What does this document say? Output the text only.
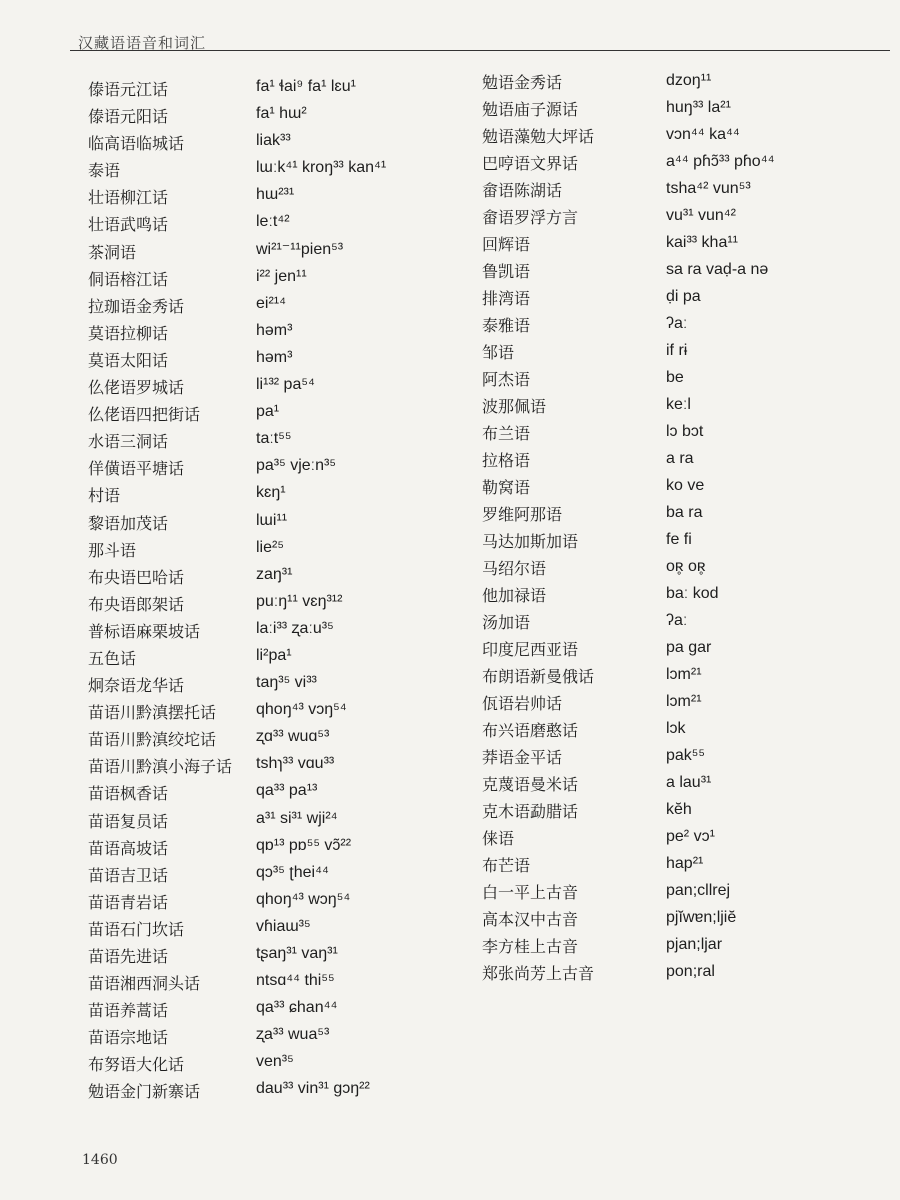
汉藏语语音和词汇
傣语元江话	fa¹ ɬai⁹ fa¹ lɛu¹
傣语元阳话	fa¹ hɯ²
临高语临城话	liak³³
泰语	lɯːk⁴¹ kroŋ³³ kan⁴¹
壮语柳江话	hɯ²³¹
壮语武鸣话	leːt⁴²
茶洞语	wi²¹⁻¹¹pien⁵³
侗语榕江话	i²² jen¹¹
拉珈语金秀话	ei²¹⁴
莫语拉柳话	həm³
莫语太阳话	həm³
仫佬语罗城话	li¹³² pa⁵⁴
仫佬语四把街话	pa¹
水语三洞话	taːt⁵⁵
佯僙语平塘话	pa³⁵ vjeːn³⁵
村语	kɛŋ¹
黎语加茂话	lɯi¹¹
那斗语	lie²⁵
布央语巴哈话	zaŋ³¹
布央语郎架话	puːŋ¹¹ vɛŋ³¹²
普标语麻栗坡话	laːi³³ ʐaːu³⁵
五色话	li²pa¹
炯奈语龙华话	taŋ³⁵ vi³³
苗语川黔滇摆托话 qhoŋ⁴³ vɔŋ⁵⁴
苗语川黔滇绞坨话 ʐɑ³³ wuɑ⁵³
苗语川黔滇小海子话 tshɿ³³ vɑu³³
苗语枫香话	qa³³ pa¹³
苗语复员话	a³¹ si³¹ wji²⁴
苗语高坡话	qɒ¹³ pɒ⁵⁵ vɔ̃²²
苗语吉卫话	qɔ³⁵ ʈhei⁴⁴
苗语青岩话	qhoŋ⁴³ wɔŋ⁵⁴
苗语石门坎话	vɦiaɯ³⁵
苗语先进话	tʂaŋ³¹ vaŋ³¹
苗语湘西洞头话	ntsɑ⁴⁴ thi⁵⁵
苗语养蒿话	qa³³ ɕhan⁴⁴
苗语宗地话	ʐa³³ wua⁵³
布努语大化话	ven³⁵
勉语金门新寨话	dau³³ vin³¹ ɡɔŋ²²
勉语金秀话	dzoŋ¹¹
勉语庙子源话	huŋ³³ la²¹
勉语藻勉大坪话	vɔn⁴⁴ ka⁴⁴
巴哼语文界话	a⁴⁴ pɦɔ̃³³ pɦo⁴⁴
畲语陈湖话	tsha⁴² vun⁵³
畲语罗浮方言	vu³¹ vun⁴²
回辉语	kai³³ kha¹¹
鲁凯语	sa ra vaḍ-a nə
排湾语	ḍi pa
泰雅语	ʔaː
邹语	if rɨ
阿杰语	be
波那佩语	keːl
布兰语	lɔ bɔt
拉格语	a ra
勒窝语	ko ve
罗维阿那语	ba ra
马达加斯加语	fe fi
马绍尔语	oʀ̥ oʀ̥
他加禄语	baː kod
汤加语	ʔaː
印度尼西亚语	pa gar
布朗语新曼俄话	lɔm²¹
佤语岩帅话	lɔm²¹
布兴语磨憨话	lɔk
莽语金平话	pak⁵⁵
克蔑语曼米话	a lau³¹
克木语勐腊话	kĕh
俫语	pe² vɔ¹
布芒语	hap²¹
白一平上古音	pan;cllrej
高本汉中古音	pjĭwɐn;ljiĕ
李方桂上古音	pjan;ljar
郑张尚芳上古音	pon;ral
1460
